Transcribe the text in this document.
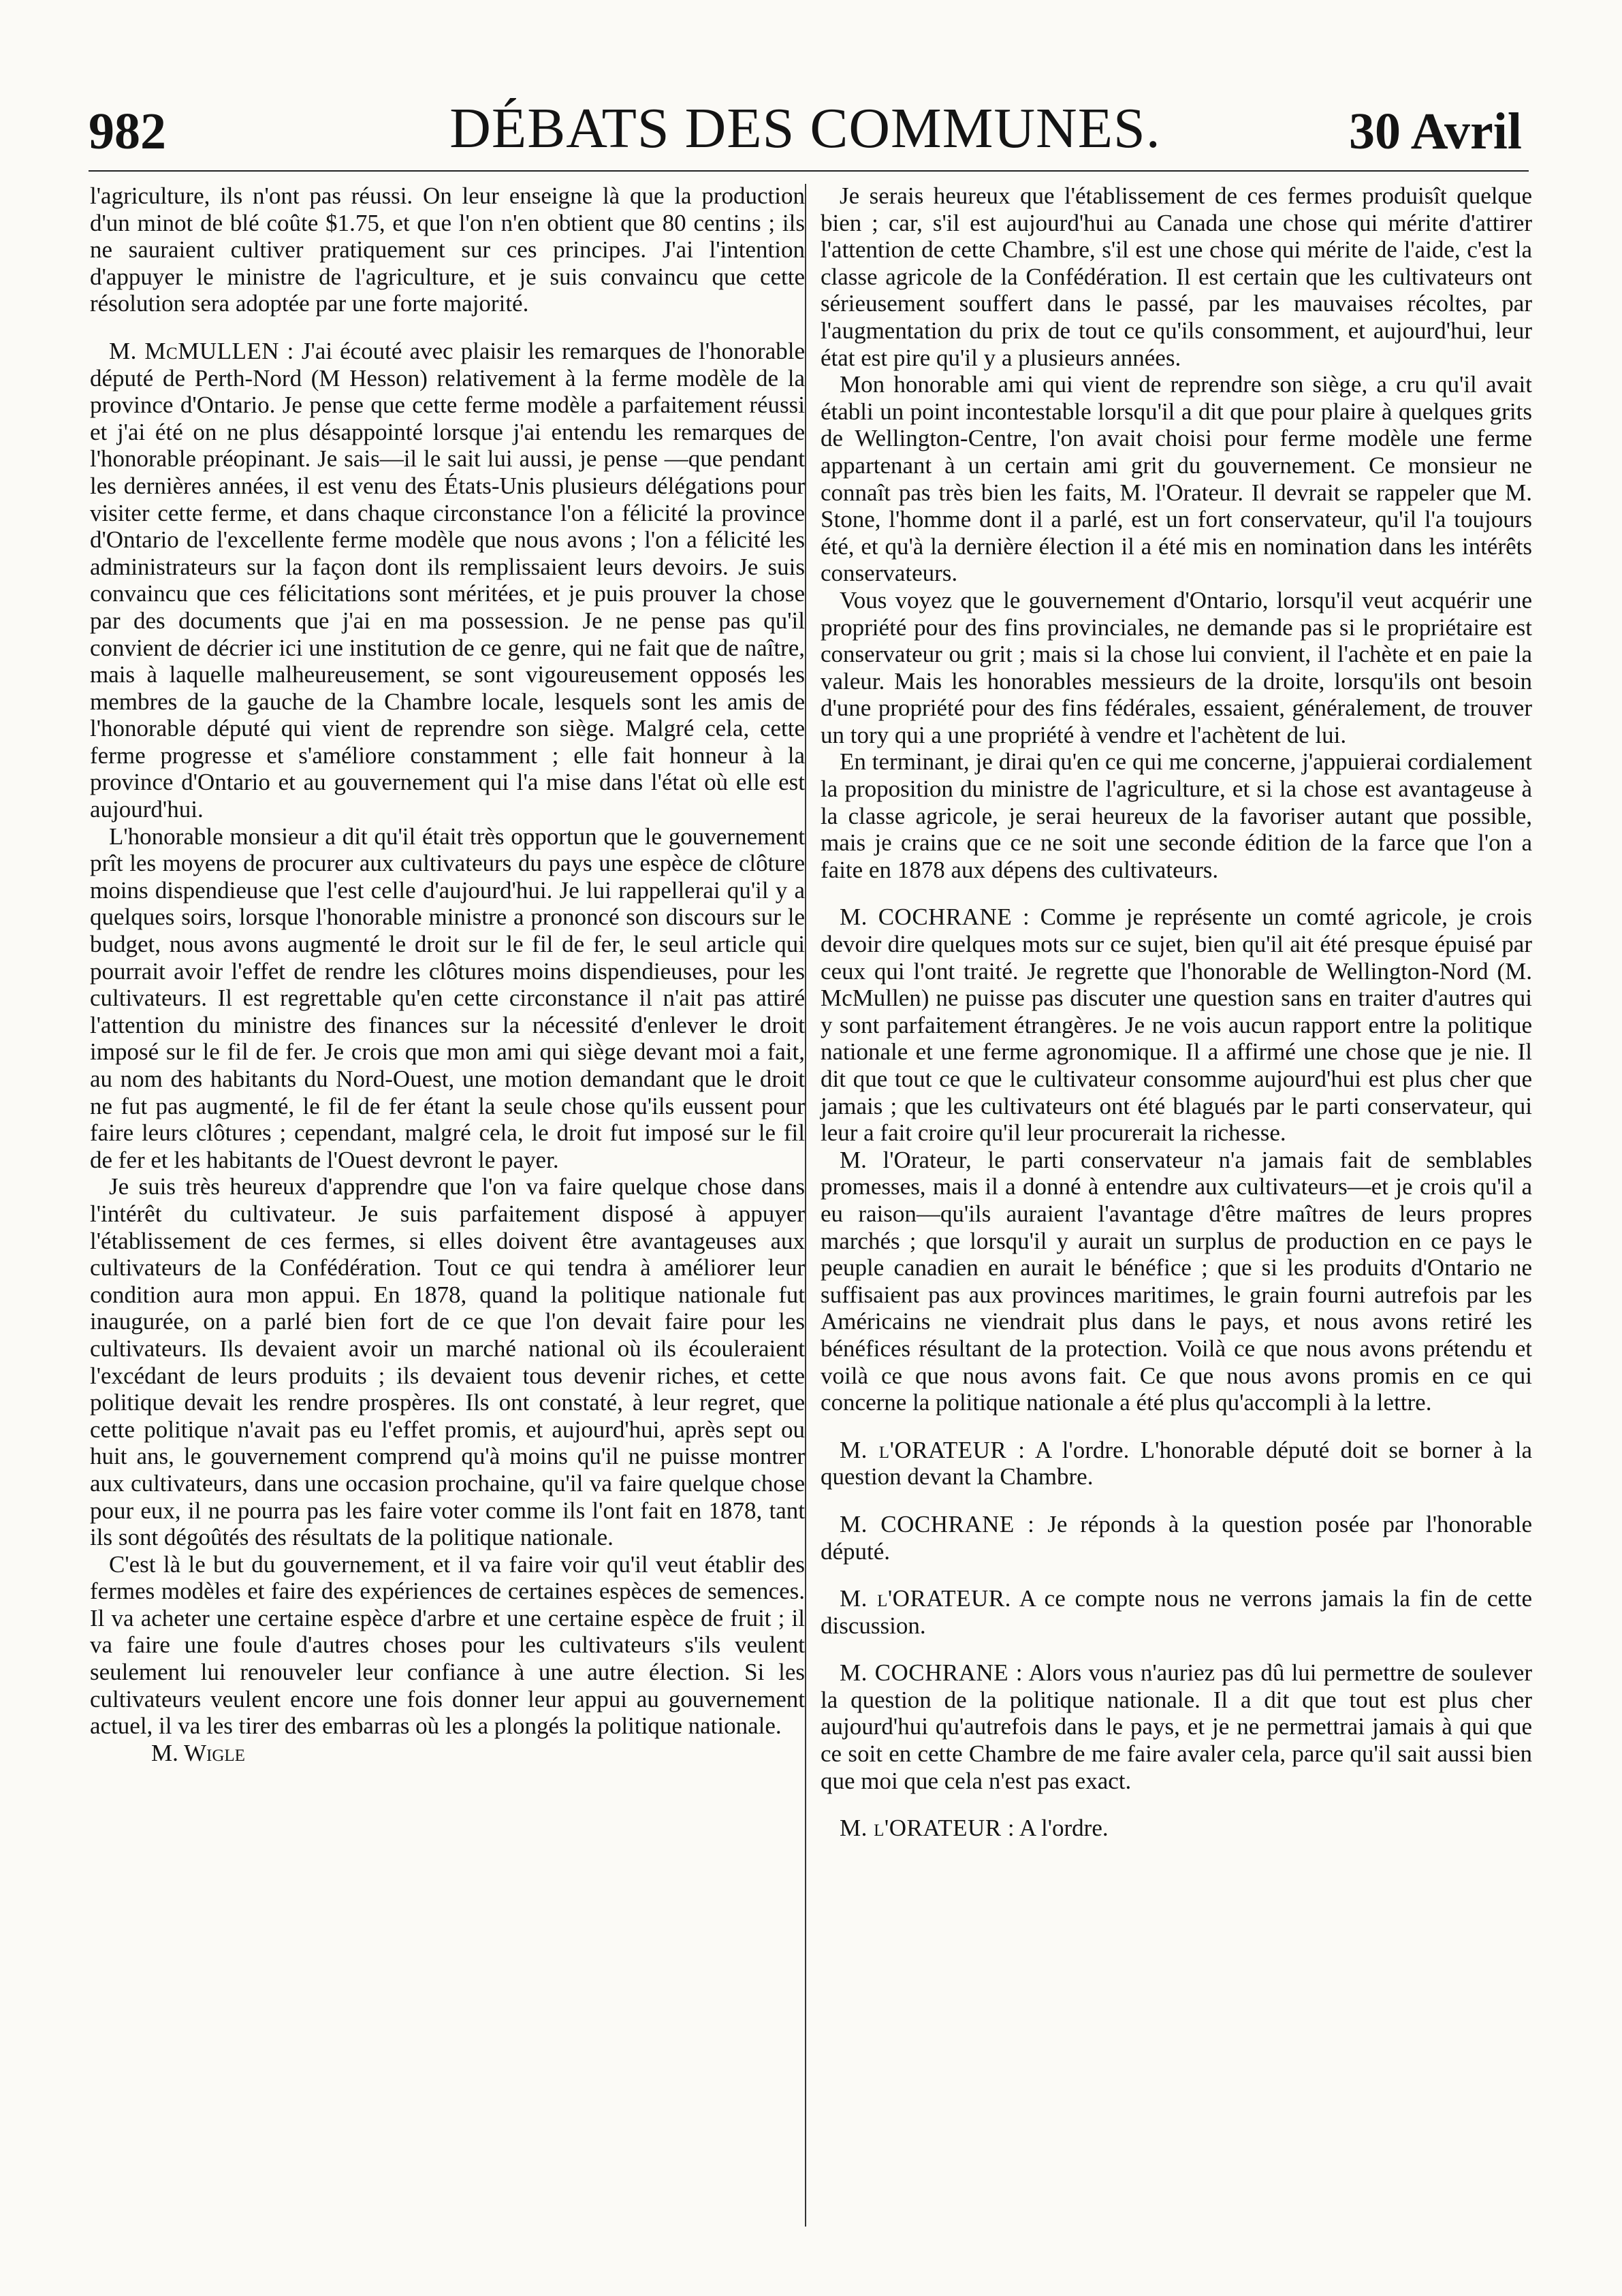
982	DÉBATS DES COMMUNES.	30 Avril

l'agriculture, ils n'ont pas réussi. On leur enseigne là que la production d'un minot de blé coûte $1.75, et que l'on n'en obtient que 80 centins ; ils ne sauraient cultiver pratiquement sur ces principes. J'ai l'intention d'appuyer le ministre de l'agriculture, et je suis convaincu que cette résolution sera adoptée par une forte majorité.

M. McMULLEN : J'ai écouté avec plaisir les remarques de l'honorable député de Perth-Nord (M Hesson) relativement à la ferme modèle de la province d'Ontario. Je pense que cette ferme modèle a parfaitement réussi et j'ai été on ne plus désappointé lorsque j'ai entendu les remarques de l'honorable préopinant. Je sais—il le sait lui aussi, je pense —que pendant les dernières années, il est venu des États-Unis plusieurs délégations pour visiter cette ferme, et dans chaque circonstance l'on a félicité la province d'Ontario de l'excellente ferme modèle que nous avons ; l'on a félicité les administrateurs sur la façon dont ils remplissaient leurs devoirs. Je suis convaincu que ces félicitations sont méritées, et je puis prouver la chose par des documents que j'ai en ma possession. Je ne pense pas qu'il convient de décrier ici une institution de ce genre, qui ne fait que de naître, mais à laquelle malheureusement, se sont vigoureusement opposés les membres de la gauche de la Chambre locale, lesquels sont les amis de l'honorable député qui vient de reprendre son siège. Malgré cela, cette ferme progresse et s'améliore constamment ; elle fait honneur à la province d'Ontario et au gouvernement qui l'a mise dans l'état où elle est aujourd'hui.

L'honorable monsieur a dit qu'il était très opportun que le gouvernement prît les moyens de procurer aux cultivateurs du pays une espèce de clôture moins dispendieuse que l'est celle d'aujourd'hui. Je lui rappellerai qu'il y a quelques soirs, lorsque l'honorable ministre a prononcé son discours sur le budget, nous avons augmenté le droit sur le fil de fer, le seul article qui pourrait avoir l'effet de rendre les clôtures moins dispendieuses, pour les cultivateurs. Il est regrettable qu'en cette circonstance il n'ait pas attiré l'attention du ministre des finances sur la nécessité d'enlever le droit imposé sur le fil de fer. Je crois que mon ami qui siège devant moi a fait, au nom des habitants du Nord-Ouest, une motion demandant que le droit ne fut pas augmenté, le fil de fer étant la seule chose qu'ils eussent pour faire leurs clôtures ; cependant, malgré cela, le droit fut imposé sur le fil de fer et les habitants de l'Ouest devront le payer.

Je suis très heureux d'apprendre que l'on va faire quelque chose dans l'intérêt du cultivateur. Je suis parfaitement disposé à appuyer l'établissement de ces fermes, si elles doivent être avantageuses aux cultivateurs de la Confédération. Tout ce qui tendra à améliorer leur condition aura mon appui. En 1878, quand la politique nationale fut inaugurée, on a parlé bien fort de ce que l'on devait faire pour les cultivateurs. Ils devaient avoir un marché national où ils écouleraient l'excédant de leurs produits ; ils devaient tous devenir riches, et cette politique devait les rendre prospères. Ils ont constaté, à leur regret, que cette politique n'avait pas eu l'effet promis, et aujourd'hui, après sept ou huit ans, le gouvernement comprend qu'à moins qu'il ne puisse montrer aux cultivateurs, dans une occasion prochaine, qu'il va faire quelque chose pour eux, il ne pourra pas les faire voter comme ils l'ont fait en 1878, tant ils sont dégoûtés des résultats de la politique nationale.

C'est là le but du gouvernement, et il va faire voir qu'il veut établir des fermes modèles et faire des expériences de certaines espèces de semences. Il va acheter une certaine espèce d'arbre et une certaine espèce de fruit ; il va faire une foule d'autres choses pour les cultivateurs s'ils veulent seulement lui renouveler leur confiance à une autre élection. Si les cultivateurs veulent encore une fois donner leur appui au gouvernement actuel, il va les tirer des embarras où les a plongés la politique nationale.

M. Wigle

Je serais heureux que l'établissement de ces fermes produisît quelque bien ; car, s'il est aujourd'hui au Canada une chose qui mérite d'attirer l'attention de cette Chambre, s'il est une chose qui mérite de l'aide, c'est la classe agricole de la Confédération. Il est certain que les cultivateurs ont sérieusement souffert dans le passé, par les mauvaises récoltes, par l'augmentation du prix de tout ce qu'ils consomment, et aujourd'hui, leur état est pire qu'il y a plusieurs années.

Mon honorable ami qui vient de reprendre son siège, a cru qu'il avait établi un point incontestable lorsqu'il a dit que pour plaire à quelques grits de Wellington-Centre, l'on avait choisi pour ferme modèle une ferme appartenant à un certain ami grit du gouvernement. Ce monsieur ne connaît pas très bien les faits, M. l'Orateur. Il devrait se rappeler que M. Stone, l'homme dont il a parlé, est un fort conservateur, qu'il l'a toujours été, et qu'à la dernière élection il a été mis en nomination dans les intérêts conservateurs.

Vous voyez que le gouvernement d'Ontario, lorsqu'il veut acquérir une propriété pour des fins provinciales, ne demande pas si le propriétaire est conservateur ou grit ; mais si la chose lui convient, il l'achète et en paie la valeur. Mais les honorables messieurs de la droite, lorsqu'ils ont besoin d'une propriété pour des fins fédérales, essaient, généralement, de trouver un tory qui a une propriété à vendre et l'achètent de lui.

En terminant, je dirai qu'en ce qui me concerne, j'appuierai cordialement la proposition du ministre de l'agriculture, et si la chose est avantageuse à la classe agricole, je serai heureux de la favoriser autant que possible, mais je crains que ce ne soit une seconde édition de la farce que l'on a faite en 1878 aux dépens des cultivateurs.

M. COCHRANE : Comme je représente un comté agricole, je crois devoir dire quelques mots sur ce sujet, bien qu'il ait été presque épuisé par ceux qui l'ont traité. Je regrette que l'honorable de Wellington-Nord (M. McMullen) ne puisse pas discuter une question sans en traiter d'autres qui y sont parfaitement étrangères. Je ne vois aucun rapport entre la politique nationale et une ferme agronomique. Il a affirmé une chose que je nie. Il dit que tout ce que le cultivateur consomme aujourd'hui est plus cher que jamais ; que les cultivateurs ont été blagués par le parti conservateur, qui leur a fait croire qu'il leur procurerait la richesse.

M. l'Orateur, le parti conservateur n'a jamais fait de semblables promesses, mais il a donné à entendre aux cultivateurs—et je crois qu'il a eu raison—qu'ils auraient l'avantage d'être maîtres de leurs propres marchés ; que lorsqu'il y aurait un surplus de production en ce pays le peuple canadien en aurait le bénéfice ; que si les produits d'Ontario ne suffisaient pas aux provinces maritimes, le grain fourni autrefois par les Américains ne viendrait plus dans le pays, et nous avons retiré les bénéfices résultant de la protection. Voilà ce que nous avons prétendu et voilà ce que nous avons fait. Ce que nous avons promis en ce qui concerne la politique nationale a été plus qu'accompli à la lettre.

M. l'ORATEUR : A l'ordre. L'honorable député doit se borner à la question devant la Chambre.

M. COCHRANE : Je réponds à la question posée par l'honorable député.

M. l'ORATEUR. A ce compte nous ne verrons jamais la fin de cette discussion.

M. COCHRANE : Alors vous n'auriez pas dû lui permettre de soulever la question de la politique nationale. Il a dit que tout est plus cher aujourd'hui qu'autrefois dans le pays, et je ne permettrai jamais à qui que ce soit en cette Chambre de me faire avaler cela, parce qu'il sait aussi bien que moi que cela n'est pas exact.

M. l'ORATEUR : A l'ordre.
